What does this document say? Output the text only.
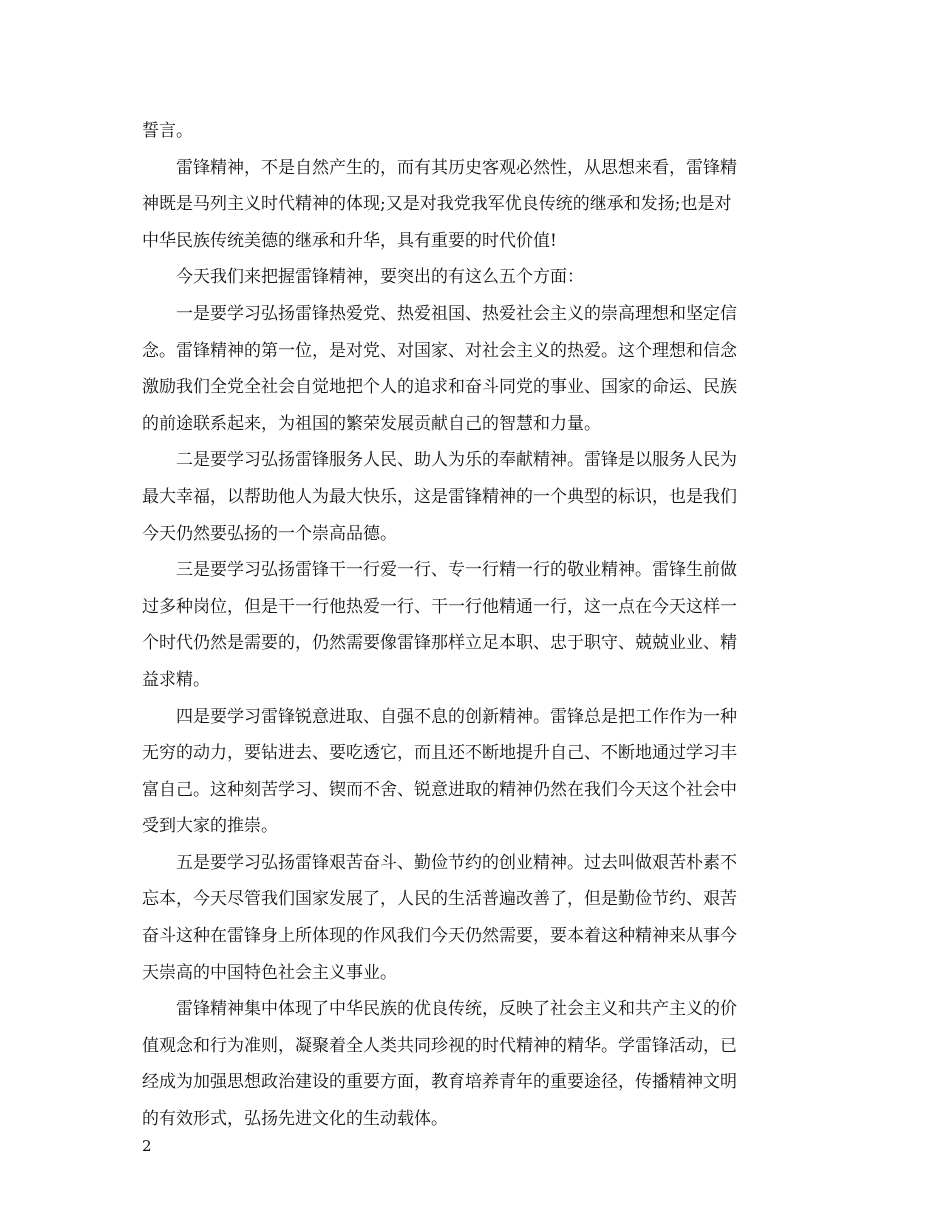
誓言。
雷锋精神，不是自然产生的，而有其历史客观必然性，从思想来看，雷锋精
神既是马列主义时代精神的体现;又是对我党我军优良传统的继承和发扬;也是对
中华民族传统美德的继承和升华，具有重要的时代价值!
今天我们来把握雷锋精神，要突出的有这么五个方面：
一是要学习弘扬雷锋热爱党、热爱祖国、热爱社会主义的崇高理想和坚定信
念。雷锋精神的第一位，是对党、对国家、对社会主义的热爱。这个理想和信念
激励我们全党全社会自觉地把个人的追求和奋斗同党的事业、国家的命运、民族
的前途联系起来，为祖国的繁荣发展贡献自己的智慧和力量。
二是要学习弘扬雷锋服务人民、助人为乐的奉献精神。雷锋是以服务人民为
最大幸福，以帮助他人为最大快乐，这是雷锋精神的一个典型的标识，也是我们
今天仍然要弘扬的一个崇高品德。
三是要学习弘扬雷锋干一行爱一行、专一行精一行的敬业精神。雷锋生前做
过多种岗位，但是干一行他热爱一行、干一行他精通一行，这一点在今天这样一
个时代仍然是需要的，仍然需要像雷锋那样立足本职、忠于职守、兢兢业业、精
益求精。
四是要学习雷锋锐意进取、自强不息的创新精神。雷锋总是把工作作为一种
无穷的动力，要钻进去、要吃透它，而且还不断地提升自己、不断地通过学习丰
富自己。这种刻苦学习、锲而不舍、锐意进取的精神仍然在我们今天这个社会中
受到大家的推崇。
五是要学习弘扬雷锋艰苦奋斗、勤俭节约的创业精神。过去叫做艰苦朴素不
忘本，今天尽管我们国家发展了，人民的生活普遍改善了，但是勤俭节约、艰苦
奋斗这种在雷锋身上所体现的作风我们今天仍然需要，要本着这种精神来从事今
天崇高的中国特色社会主义事业。
雷锋精神集中体现了中华民族的优良传统，反映了社会主义和共产主义的价
值观念和行为准则，凝聚着全人类共同珍视的时代精神的精华。学雷锋活动，已
经成为加强思想政治建设的重要方面，教育培养青年的重要途径，传播精神文明
的有效形式，弘扬先进文化的生动载体。
2
